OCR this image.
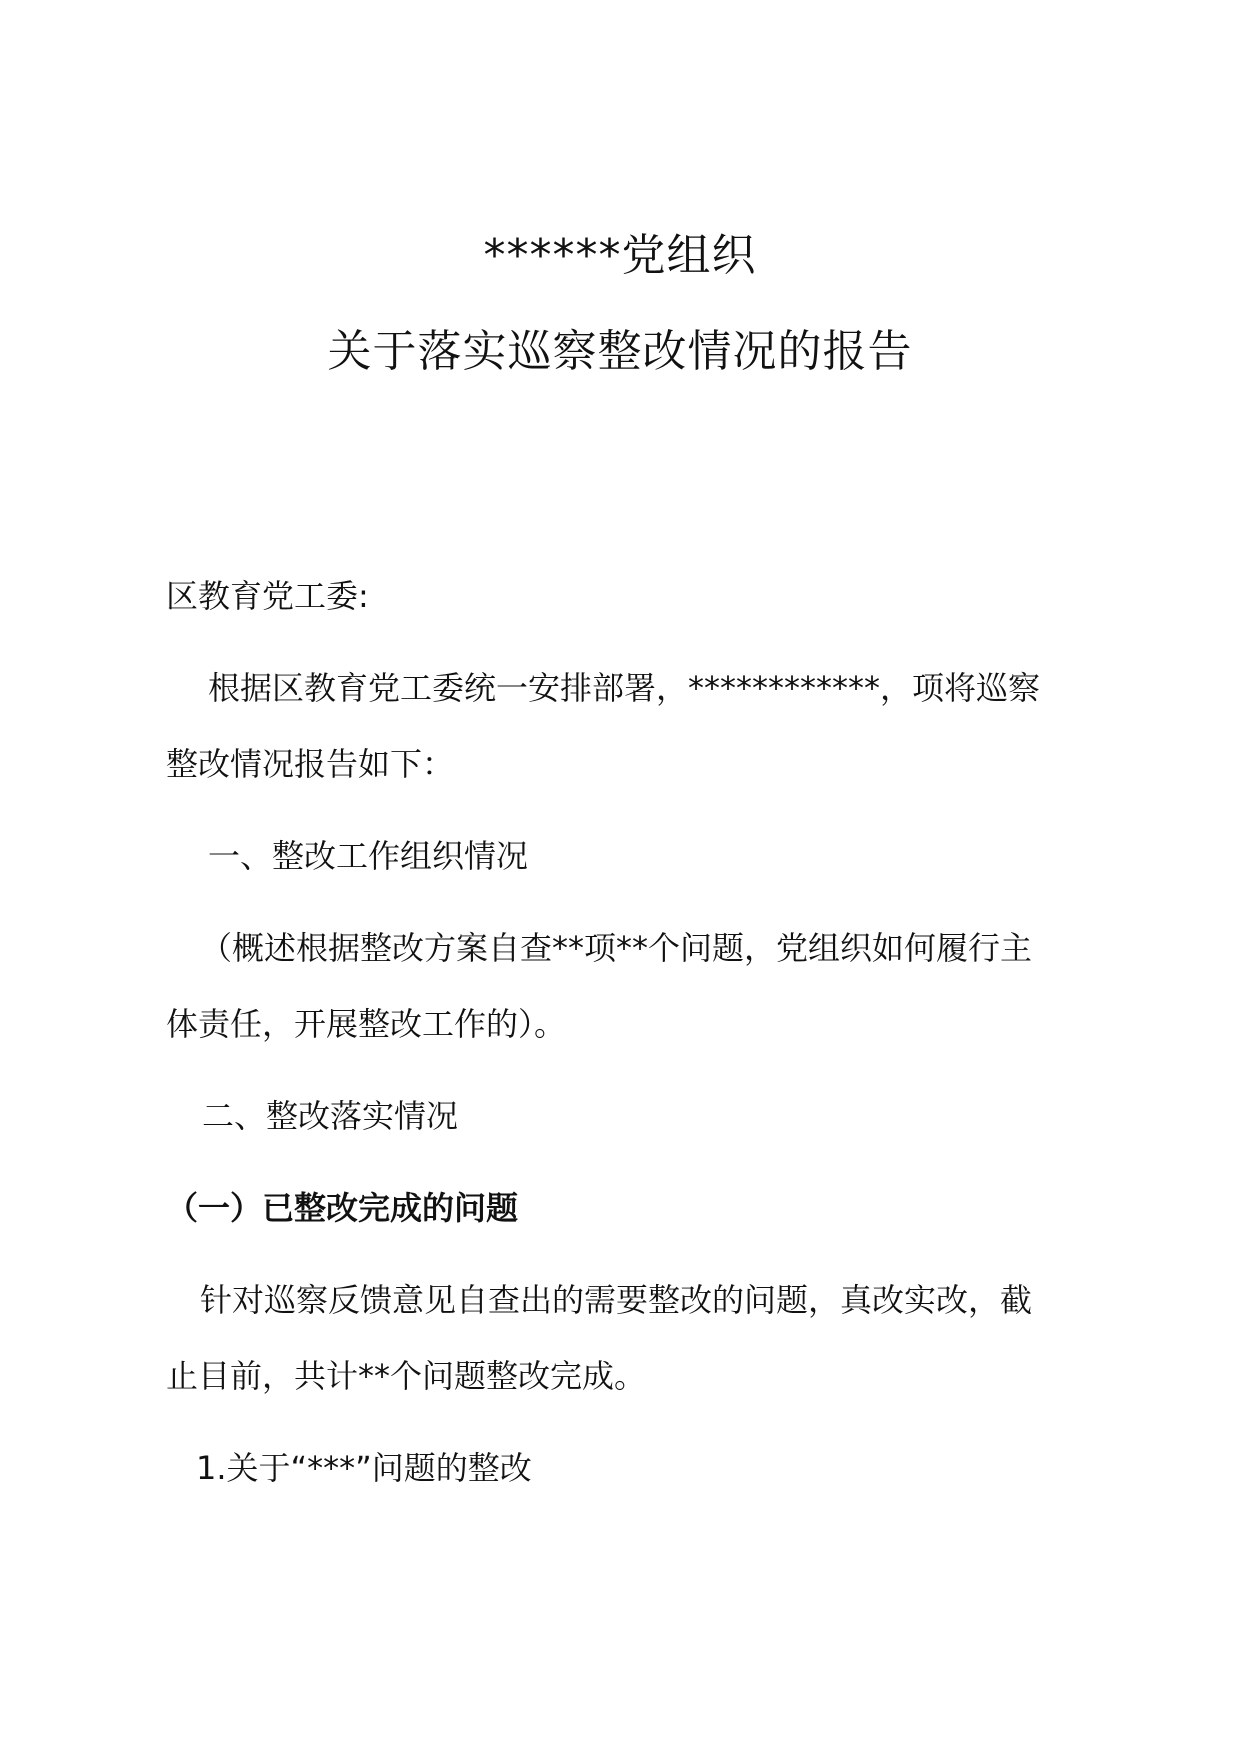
******党组织
关于落实巡察整改情况的报告
区教育党工委:
根据区教育党工委统一安排部署，************，项将巡察
整改情况报告如下：
一、整改工作组织情况
（概述根据整改方案自查**项**个问题，党组织如何履行主
体责任，开展整改工作的）。
二、整改落实情况
（一）已整改完成的问题
针对巡察反馈意见自查出的需要整改的问题，真改实改，截
止目前，共计**个问题整改完成。
1.关于“***”问题的整改
